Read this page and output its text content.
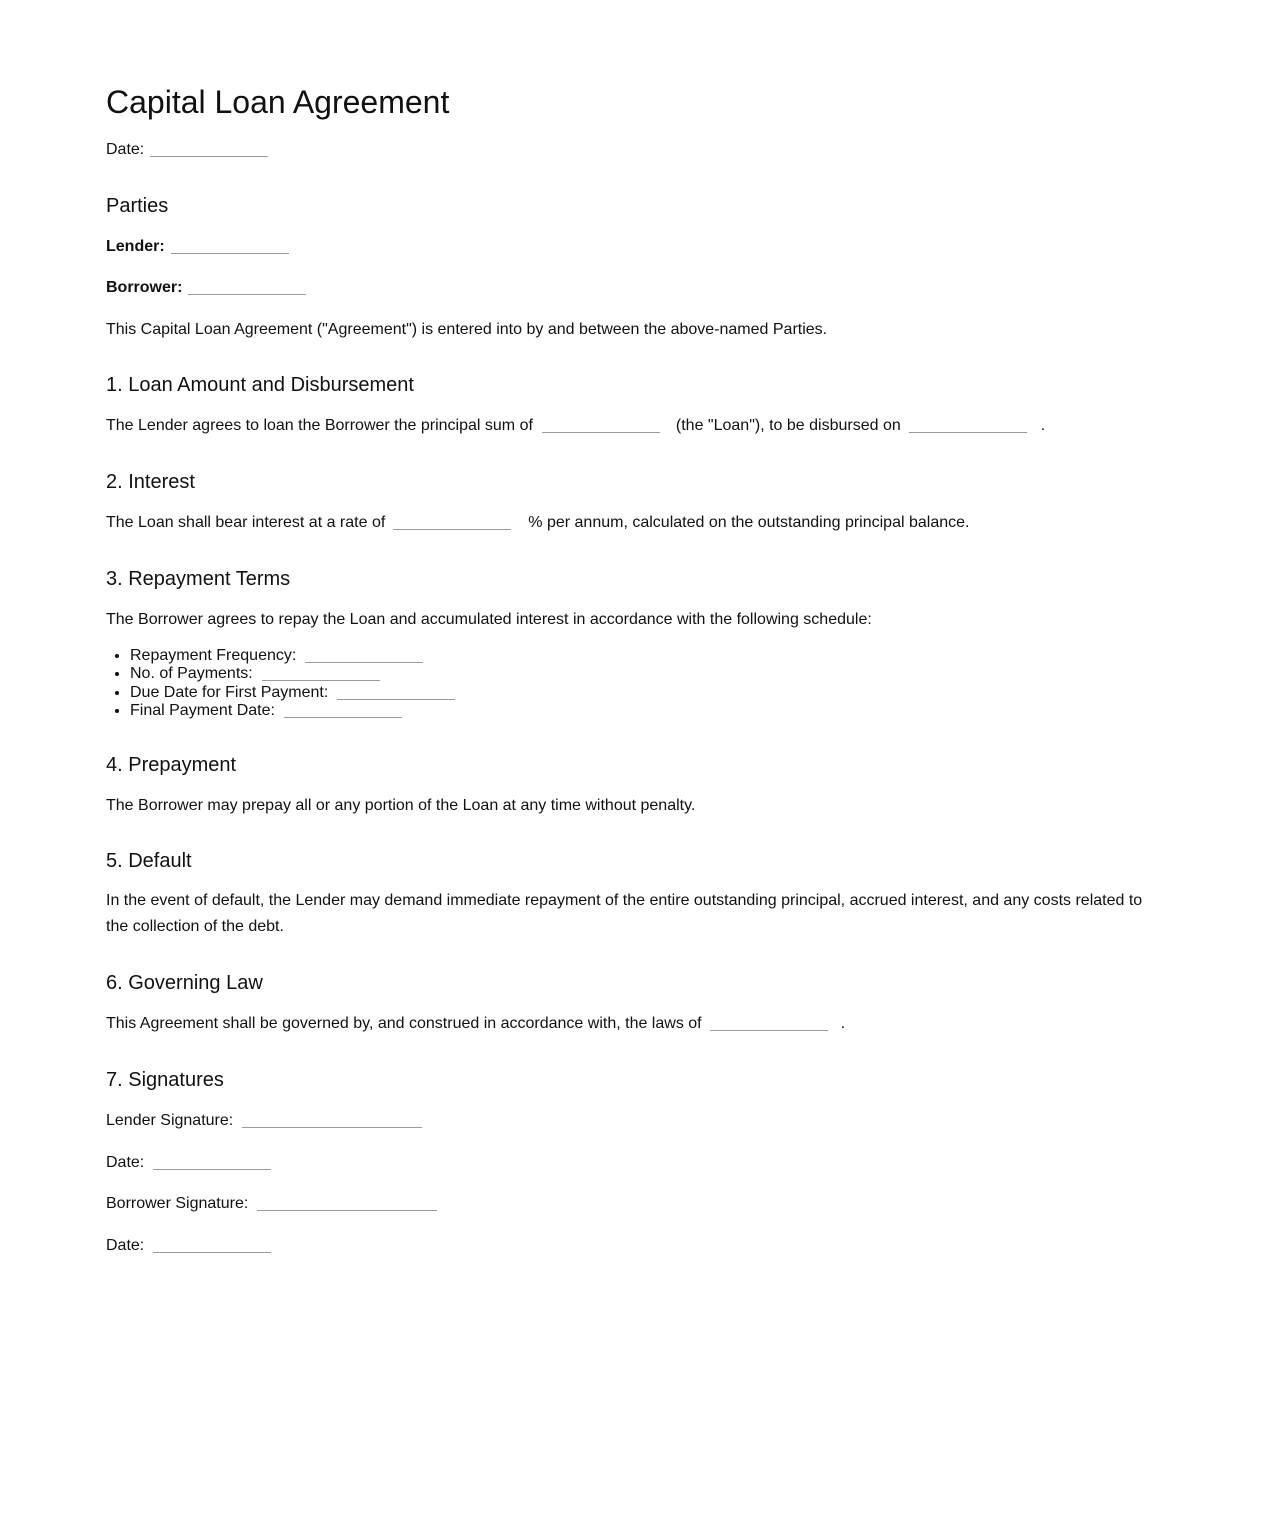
Capital Loan Agreement
Date:
Parties
Lender:
Borrower:
This Capital Loan Agreement ("Agreement") is entered into by and between the above-named Parties.
1. Loan Amount and Disbursement
The Lender agrees to loan the Borrower the principal sum of	(the "Loan"), to be disbursed on	.
2. Interest
The Loan shall bear interest at a rate of	% per annum, calculated on the outstanding principal balance.
3. Repayment Terms
The Borrower agrees to repay the Loan and accumulated interest in accordance with the following schedule:
• Repayment Frequency:
• No. of Payments:
• Due Date for First Payment:
• Final Payment Date:
4. Prepayment
The Borrower may prepay all or any portion of the Loan at any time without penalty.
5. Default
In the event of default, the Lender may demand immediate repayment of the entire outstanding principal, accrued interest, and any costs related to the collection of the debt.
6. Governing Law
This Agreement shall be governed by, and construed in accordance with, the laws of	.
7. Signatures
Lender Signature:
Date:
Borrower Signature:
Date:
